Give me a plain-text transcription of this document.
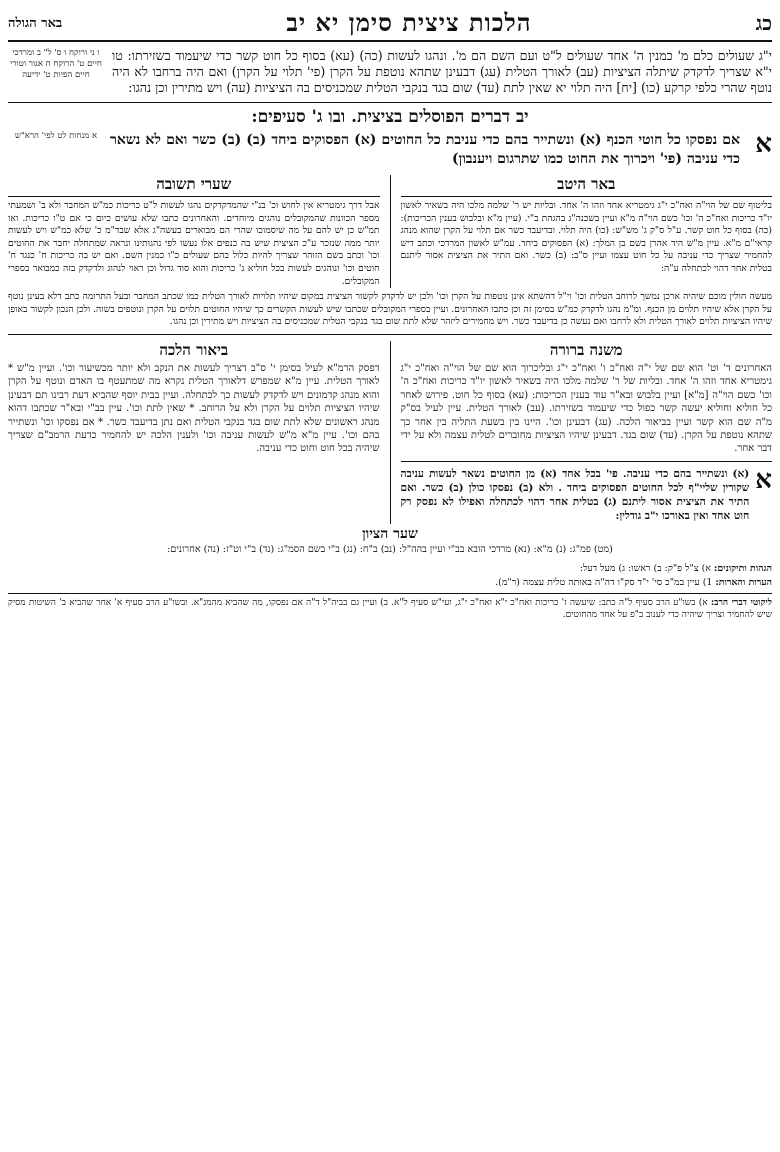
כג
הלכות ציצית סימן יא יב
באר הגולה
י"ג שעולים כלם מ' כמנין ה' אחד שעולים ל"ט ועם השם הם מ'. ונהגו לעשות (כה) (עא) בסוף כל חוט קשר כדי שיעמוד בשזירתו: טו י"א שצריך לדקדק שיתלה הציציות (עב) לאורך הטלית (עג) דבעינן שתהא נוטפת על הקרן (פי' תלוי על הקרן) ואם היה ברחבו לא היה נוטף שהרי כלפי קרקע (כו) [יח] היה תלוי יא שאין לתת (עד) שום בגד בנקבי הטלית שמכניסים בה הציציות (עה) ויש מתירין וכן נהגו:
ו ני ורוקח ו ס' ל" ב ומרדכי חיים ט' הרוקח ח אגור וטורי חיים הפיות ט' ידיעה
יב דברים הפוסלים בציצית. ובו ג' סעיפים:
א
אם נפסקו כל חוטי הכנף (א) ונשתייר בהם כדי עניבת כל החוטים (א) הפסוקים ביחד (ב) (ב) כשר ואם לא נשאר כדי עניבה (פי' ויכרוך את החוט כמו שתרגום ויענבון)
א מנחות לט לפי' הרא"ש
באר היטב
בליטוף שם של הוי"ה ואח"כ י"ג גימטריא אחד וזהו ה' אחד. ובליות יש ר' שלמה מלכו היה בשאיר לאשון יו"ד כריכות ואח"כ ה' וכו' כשם הוי"ה מ"א ועיין בשכנה"ג בהגהת ב"י. (עיין מ"א ובלבוש בענין הכריכות): (כה) בסוף כל חוט קשר. ע"ל ס"ק ג' מש"ש: (כו) היה תלוי. ובדיעבד כשר אם תלוי על הקרן שהוא מנהג קראי"ם מ"א. עיין מ"ש היד אהרן בשם בן המלך: (א) הפסוקים ביחד. עמ"ש לאשון המרדכי וכתב דיש להחמיר שצריך כדי עניבה על כל חוט עצמו ועיין ס"ב: (ב) כשר. ואם התיר את הציצית אסור ליתנם בטלית אחר דהוי לכתחלה ע"ה:
שערי תשובה
אבל דרך גימטריא אין לחוש וכ' בנ"י שהמדקדקים נהגו לעשות ל"ט כריכות כמ"ש המחבר ולא ב' ושמעתי מספר הכוונות שהמקובלים נוהגים מיוחדים. והאחרונים כתבו שלא עושים כיום כי אם ט"ו כריכות. ואו תמ"ש כן יש להם על מה שיסמוכו שהרי הם מבוארים בעשה"ג אלא שבד"מ כ' שלא כמ"ש ויש לעשות יותר ממה שנזכר ע"כ הציצית שיש בה כנפים אלו נעשו לפי נהגותינו ונראה שמתחלה יחבר את החוטים וכו' וכתב בשם הזוהר שצריך להיות כלול בהם שעולים כ"ו כמנין השם. ואם יש בה כריכות ח' כנגד ח' חוטים וכו' ונוהגים לעשות בכל חוליא ג' כריכות והוא סוד גדול וכן ראוי לנהוג ולדקדק בזה כמבואר בספרי המקובלים.
מעשה חולין מוכם שיהיה ארכן נמשך לרוחב הטלית וכו' וי"ל דהשתא אינן נוטפות על הקרן וכו' ולכן יש לדקדק לקשור הציצית במקום שיהיו תלויות לאורך הטלית כמו שכתב המחבר ובעל התרומה כתב דלא בעינן נוטף על הקרן אלא שיהיו תלוים מן הכנף. ומ"מ נהגו לדקדק כמ"ש בסימן זה וכן כתבו האחרונים. ועיין בספרי המקובלים שכתבו שיש לעשות הקשרים כך שיהיו החוטים תלוים על הקרן ונוטפים בשוה. ולכן הנכון לקשור באופן שיהיו הציציות תלוים לאורך הטלית ולא לרחבו ואם נעשה כן בדיעבד כשר. ויש מחמירים ליזהר שלא לתת שום בגד בנקבי הטלית שמכניסים בה הציציות ויש מתירין וכן נהגו.
משנה ברורה
האחרונים ד' וט' הוא שם של י"ה ואח"כ ו' ואח"כ י"ג ובליכרוך הוא שם של הוי"ה ואח"כ י"ג גימטריא אחד וזהו ה' אחד. ובליות של ר' שלמה מלכו היה בשאיר לאשון יו"ד כריכות ואח"כ ה' וכו' כשם הוי"ה [מ"א] ועיין בלבוש ובא"ר עוד בענין הכריכות: (עא) בסוף כל חוט. פירוש לאחר כל חוליא וחוליא יעשה קשר כפול כדי שיעמוד בשזירתו. (עב) לאורך הטלית. עיין לעיל בס"ק מ"ה שם הוא קשר ועיין בביאור הלכה. (עג) דבעינן וכו'. היינו בין בשעת התליה בין אחר כך שתהא נוטפת על הקרן. (עד) שום בגד. דבעינן שיהיו הציציות מחוברים לטלית עצמה ולא על ידי דבר אחר.
א
(א) ונשתייר בהם כדי עניבה. פי' בכל אחד (א) מן החוטים נשאר לעשות עניבה שקורין שליי"ף לכל החוטים הפסוקים ביחד . ולא (ב) נפסקו כולן (ב) כשר. ואם התיר את הציצית אסור ליתנם (ג) בטלית אחר דהוי לכתחלה ואפילו לא נפסק רק חוט אחד ואין באורכו י"ב גודלין:
ביאור הלכה
דפסק הרמ"א לעיל בסימן י' ס"ב דצריך לעשות את הנקב ולא יותר מכשיעור וכו'. ועיין מ"ש * לאורך הטלית. עיין מ"א שמפרש דלאורך הטלית נקרא מה שמתעטף בו האדם ונוטף על הקרן והוא מנהג קדמונים ויש לדקדק לעשות כך לכתחלה. ועיין בבית יוסף שהביא דעת רבינו תם דבעינן שיהיו הציציות תלוים על הקרן ולא על הרוחב. * שאין לתת וכו'. עיין בב"י ובא"ר שכתבו דהוא מנהג ראשונים שלא לתת שום בגד בנקבי הטלית ואם נתן בדיעבד כשר. * אם נפסקו וכו' ונשתייר בהם וכו'. עיין מ"א מ"ש לעשות עניבה וכו' ולענין הלכה יש להחמיר כדעת הרמב"ם שצריך שיהיה בכל חוט וחוט כדי עניבה.
שער הציון
(מט) פמ"ג: (נ) מ"א: (נא) מרדכי הובא בב"י ועיין בהה"ל: (נב) ב"ח: (נג) ב"י בשם הסמ"ג: (נד) ב"י וט"ז: (נה) אחרונים:
הגהות ותיקונים: א) צ"ל פ"ק: ב) ראשו: ג) מעל דעל:
הערות והארות: 1) עיין במ"כ סי' י"ד סק"ו דה"ה באותה טלית עצמה (ר"מ).
ליקוטי דברי הרב: א) בשו"ע הרב סעיף ל"ה כתב: שיעשה ז' כריכות ואח"כ י"א ואח"כ י"ג, ועי"ש סעיף ל"א. ב) ועיין גם בביה"ל ד"ה אם נפסקו, מה שהביא מהמג"א. ובשו"ע הרב סעיף א' אחר שהביא ב' השיטות מסיק שיש להחמיר וצריך שיהיה כדי לענוב ב"פ על אחד מהחוטים.
